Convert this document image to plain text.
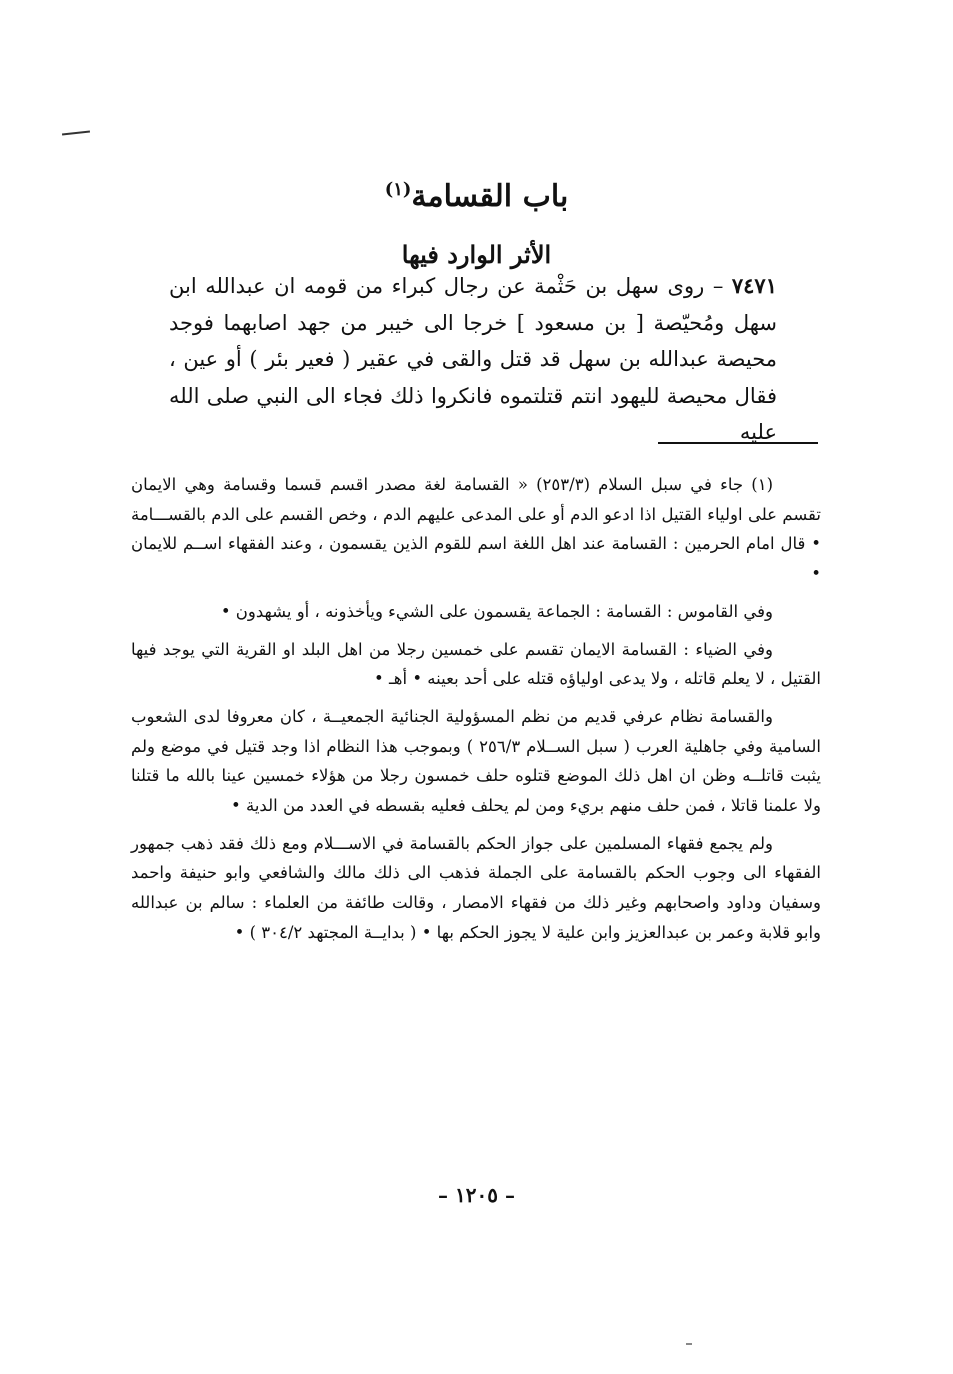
باب القسامة$^{(١)}$
الأثر الوارد فيها
٧٤٧١ – روى سهل بن حَثْمة عن رجال كبراء من قومه ان عبدالله ابن سهل ومُحيّصة [ بن مسعود ] خرجا الى خيبر من جهد اصابهما فوجد محيصة عبدالله بن سهل قد قتل والقى في عقير ( فعير بئر ) أو عين ، فقال محيصة لليهود انتم قتلتموه فانكروا ذلك فجاء الى النبي صلى الله عليه

(١) جاء في سبل السلام (٢٥٣/٣) « القسامة لغة مصدر اقسم قسما وقسامة وهي الايمان تقسم على اولياء القتيل اذا ادعو الدم أو على المدعى عليهم الدم ، وخص القسم على الدم بالقســـامة • قال امام الحرمين : القسامة عند اهل اللغة اسم للقوم الذين يقسمون ، وعند الفقهاء اســم للايمان •

وفي القاموس : القسامة : الجماعة يقسمون على الشيء ويأخذونه ، أو يشهدون •

وفي الضياء : القسامة الايمان تقسم على خمسين رجلا من اهل البلد او القرية التي يوجد فيها القتيل ، لا يعلم قاتله ، ولا يدعى اولياؤه قتله على أحد بعينه • أهـ •

والقسامة نظام عرفي قديم من نظم المسؤولية الجنائية الجمعيــة ، كان معروفا لدى الشعوب السامية وفي جاهلية العرب ( سبل الســلام ٢٥٦/٣ ) وبموجب هذا النظام اذا وجد قتيل في موضع ولم يثبت قاتلــه وظن ان اهل ذلك الموضع قتلوه حلف خمسون رجلا من هؤلاء خمسين عينا بالله ما قتلنا ولا علمنا قاتلا ، فمن حلف منهم بريء ومن لم يحلف فعليه بقسطه في العدد من الدية •

ولم يجمع فقهاء المسلمين على جواز الحكم بالقسامة في الاســـلام ومع ذلك فقد ذهب جمهور الفقهاء الى وجوب الحكم بالقسامة على الجملة فذهب الى ذلك مالك والشافعي وابو حنيفة واحمد وسفيان وداود واصحابهم وغير ذلك من فقهاء الامصار ، وقالت طائفة من العلماء : سالم بن عبدالله وابو قلابة وعمر بن عبدالعزيز وابن علية لا يجوز الحكم بها • ( بدايــة المجتهد ٣٠٤/٢ ) •

– ١٢٠٥ –
